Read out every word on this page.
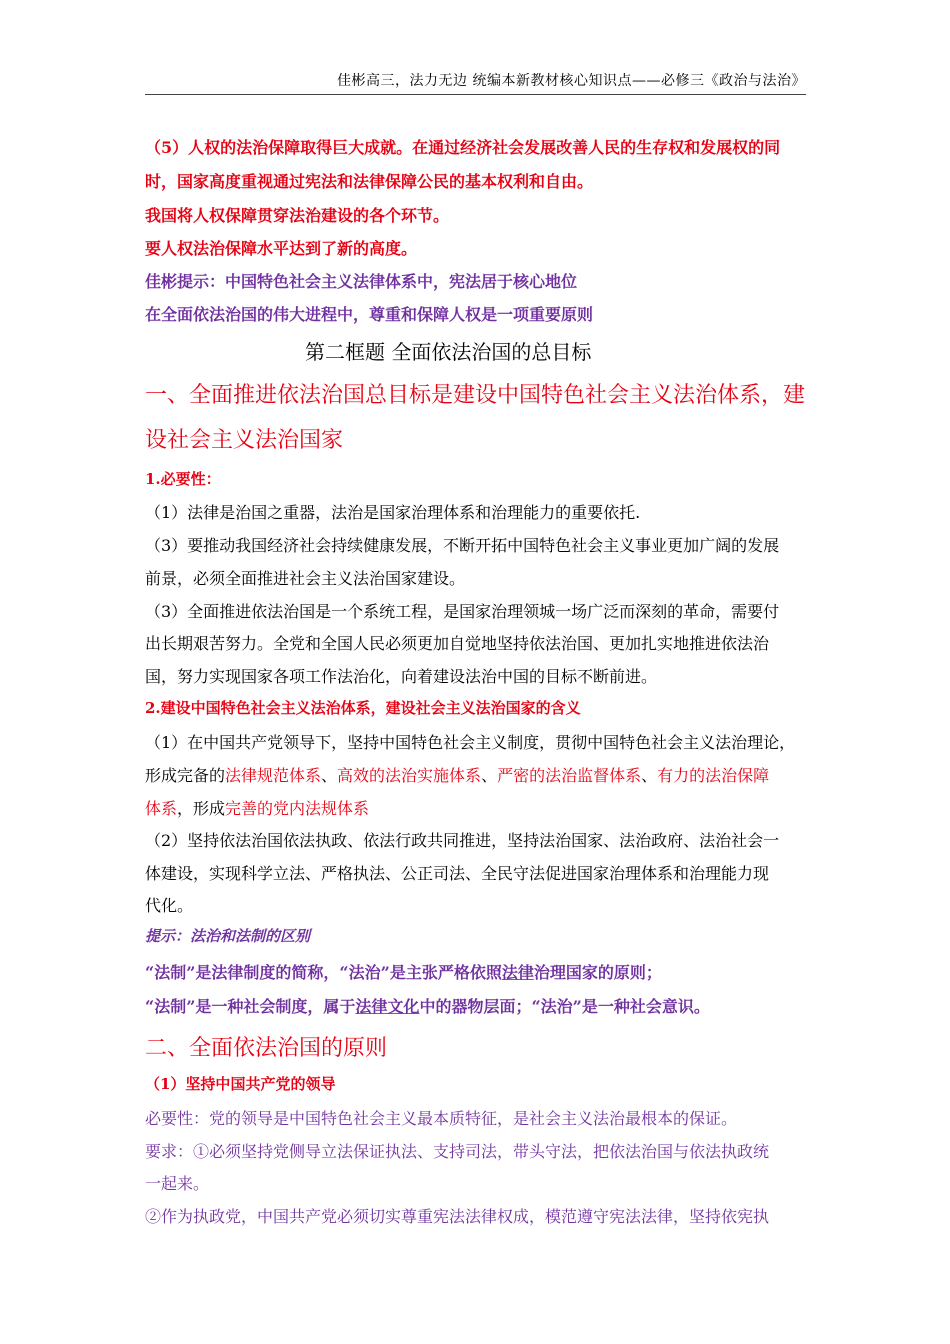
佳彬高三，法力无边 统编本新教材核心知识点——必修三《政治与法治》
（5）人权的法治保障取得巨大成就。在通过经济社会发展改善人民的生存权和发展权的同
时，国家高度重视通过宪法和法律保障公民的基本权利和自由。
我国将人权保障贯穿法治建设的各个环节。
要人权法治保障水平达到了新的高度。
佳彬提示：中国特色社会主义法律体系中，宪法居于核心地位
在全面依法治国的伟大进程中，尊重和保障人权是一项重要原则
第二框题 全面依法治国的总目标
一、全面推进依法治国总目标是建设中国特色社会主义法治体系，建
设社会主义法治国家
1.必要性：
（1）法律是治国之重器，法治是国家治理体系和治理能力的重要依托.
（3）要推动我国经济社会持续健康发展，不断开拓中国特色社会主义事业更加广阔的发展
前景，必须全面推进社会主义法治国家建设。
（3）全面推进依法治国是一个系统工程，是国家治理领城一场广泛而深刻的革命，需要付
出长期艰苦努力。全党和全国人民必须更加自觉地坚持依法治国、更加扎实地推进依法治
国，努力实现国家各项工作法治化，向着建设法治中国的目标不断前进。
2.建设中国特色社会主义法治体系，建设社会主义法治国家的含义
（1）在中国共产党领导下，坚持中国特色社会主义制度，贯彻中国特色社会主义法治理论，
形成完备的法律规范体系、高效的法治实施体系、严密的法治监督体系、有力的法治保障
体系，形成完善的党内法规体系
（2）坚持依法治国依法执政、依法行政共同推进，坚持法治国家、法治政府、法治社会一
体建设，实现科学立法、严格执法、公正司法、全民守法促进国家治理体系和治理能力现
代化。
提示：法治和法制的区别
“法制”是法律制度的简称，“法治”是主张严格依照法律治理国家的原则；
“法制”是一种社会制度，属于法律文化中的器物层面；“法治”是一种社会意识。
二、全面依法治国的原则
（1）坚持中国共产党的领导
必要性：党的领导是中国特色社会主义最本质特征，是社会主义法治最根本的保证。
要求：①必须坚持党侧导立法保证执法、支持司法，带头守法，把依法治国与依法执政统
一起来。
②作为执政党，中国共产党必须切实尊重宪法法律权成，模范遵守宪法法律，坚持依宪执
